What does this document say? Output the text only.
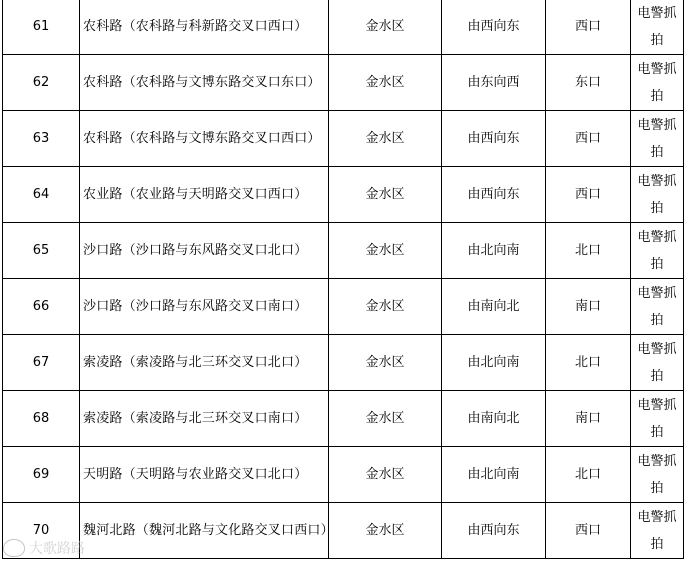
61	农科路（农科路与科新路交叉口西口）	金水区	由西向东	西口	电警抓拍

62	农科路（农科路与文博东路交叉口东口）	金水区	由东向西	东口	电警抓拍

63	农科路（农科路与文博东路交叉口西口）	金水区	由西向东	西口	电警抓拍

64	农业路（农业路与天明路交叉口西口）	金水区	由西向东	西口	电警抓拍

65	沙口路（沙口路与东风路交叉口北口）	金水区	由北向南	北口	电警抓拍

66	沙口路（沙口路与东风路交叉口南口）	金水区	由南向北	南口	电警抓拍

67	索凌路（索凌路与北三环交叉口北口）	金水区	由北向南	北口	电警抓拍

68	索凌路（索凌路与北三环交叉口南口）	金水区	由南向北	南口	电警抓拍

69	天明路（天明路与农业路交叉口北口）	金水区	由北向南	北口	电警抓拍

70	魏河北路（魏河北路与文化路交叉口西口）	金水区	由西向东	西口	电警抓拍
大歌路路
